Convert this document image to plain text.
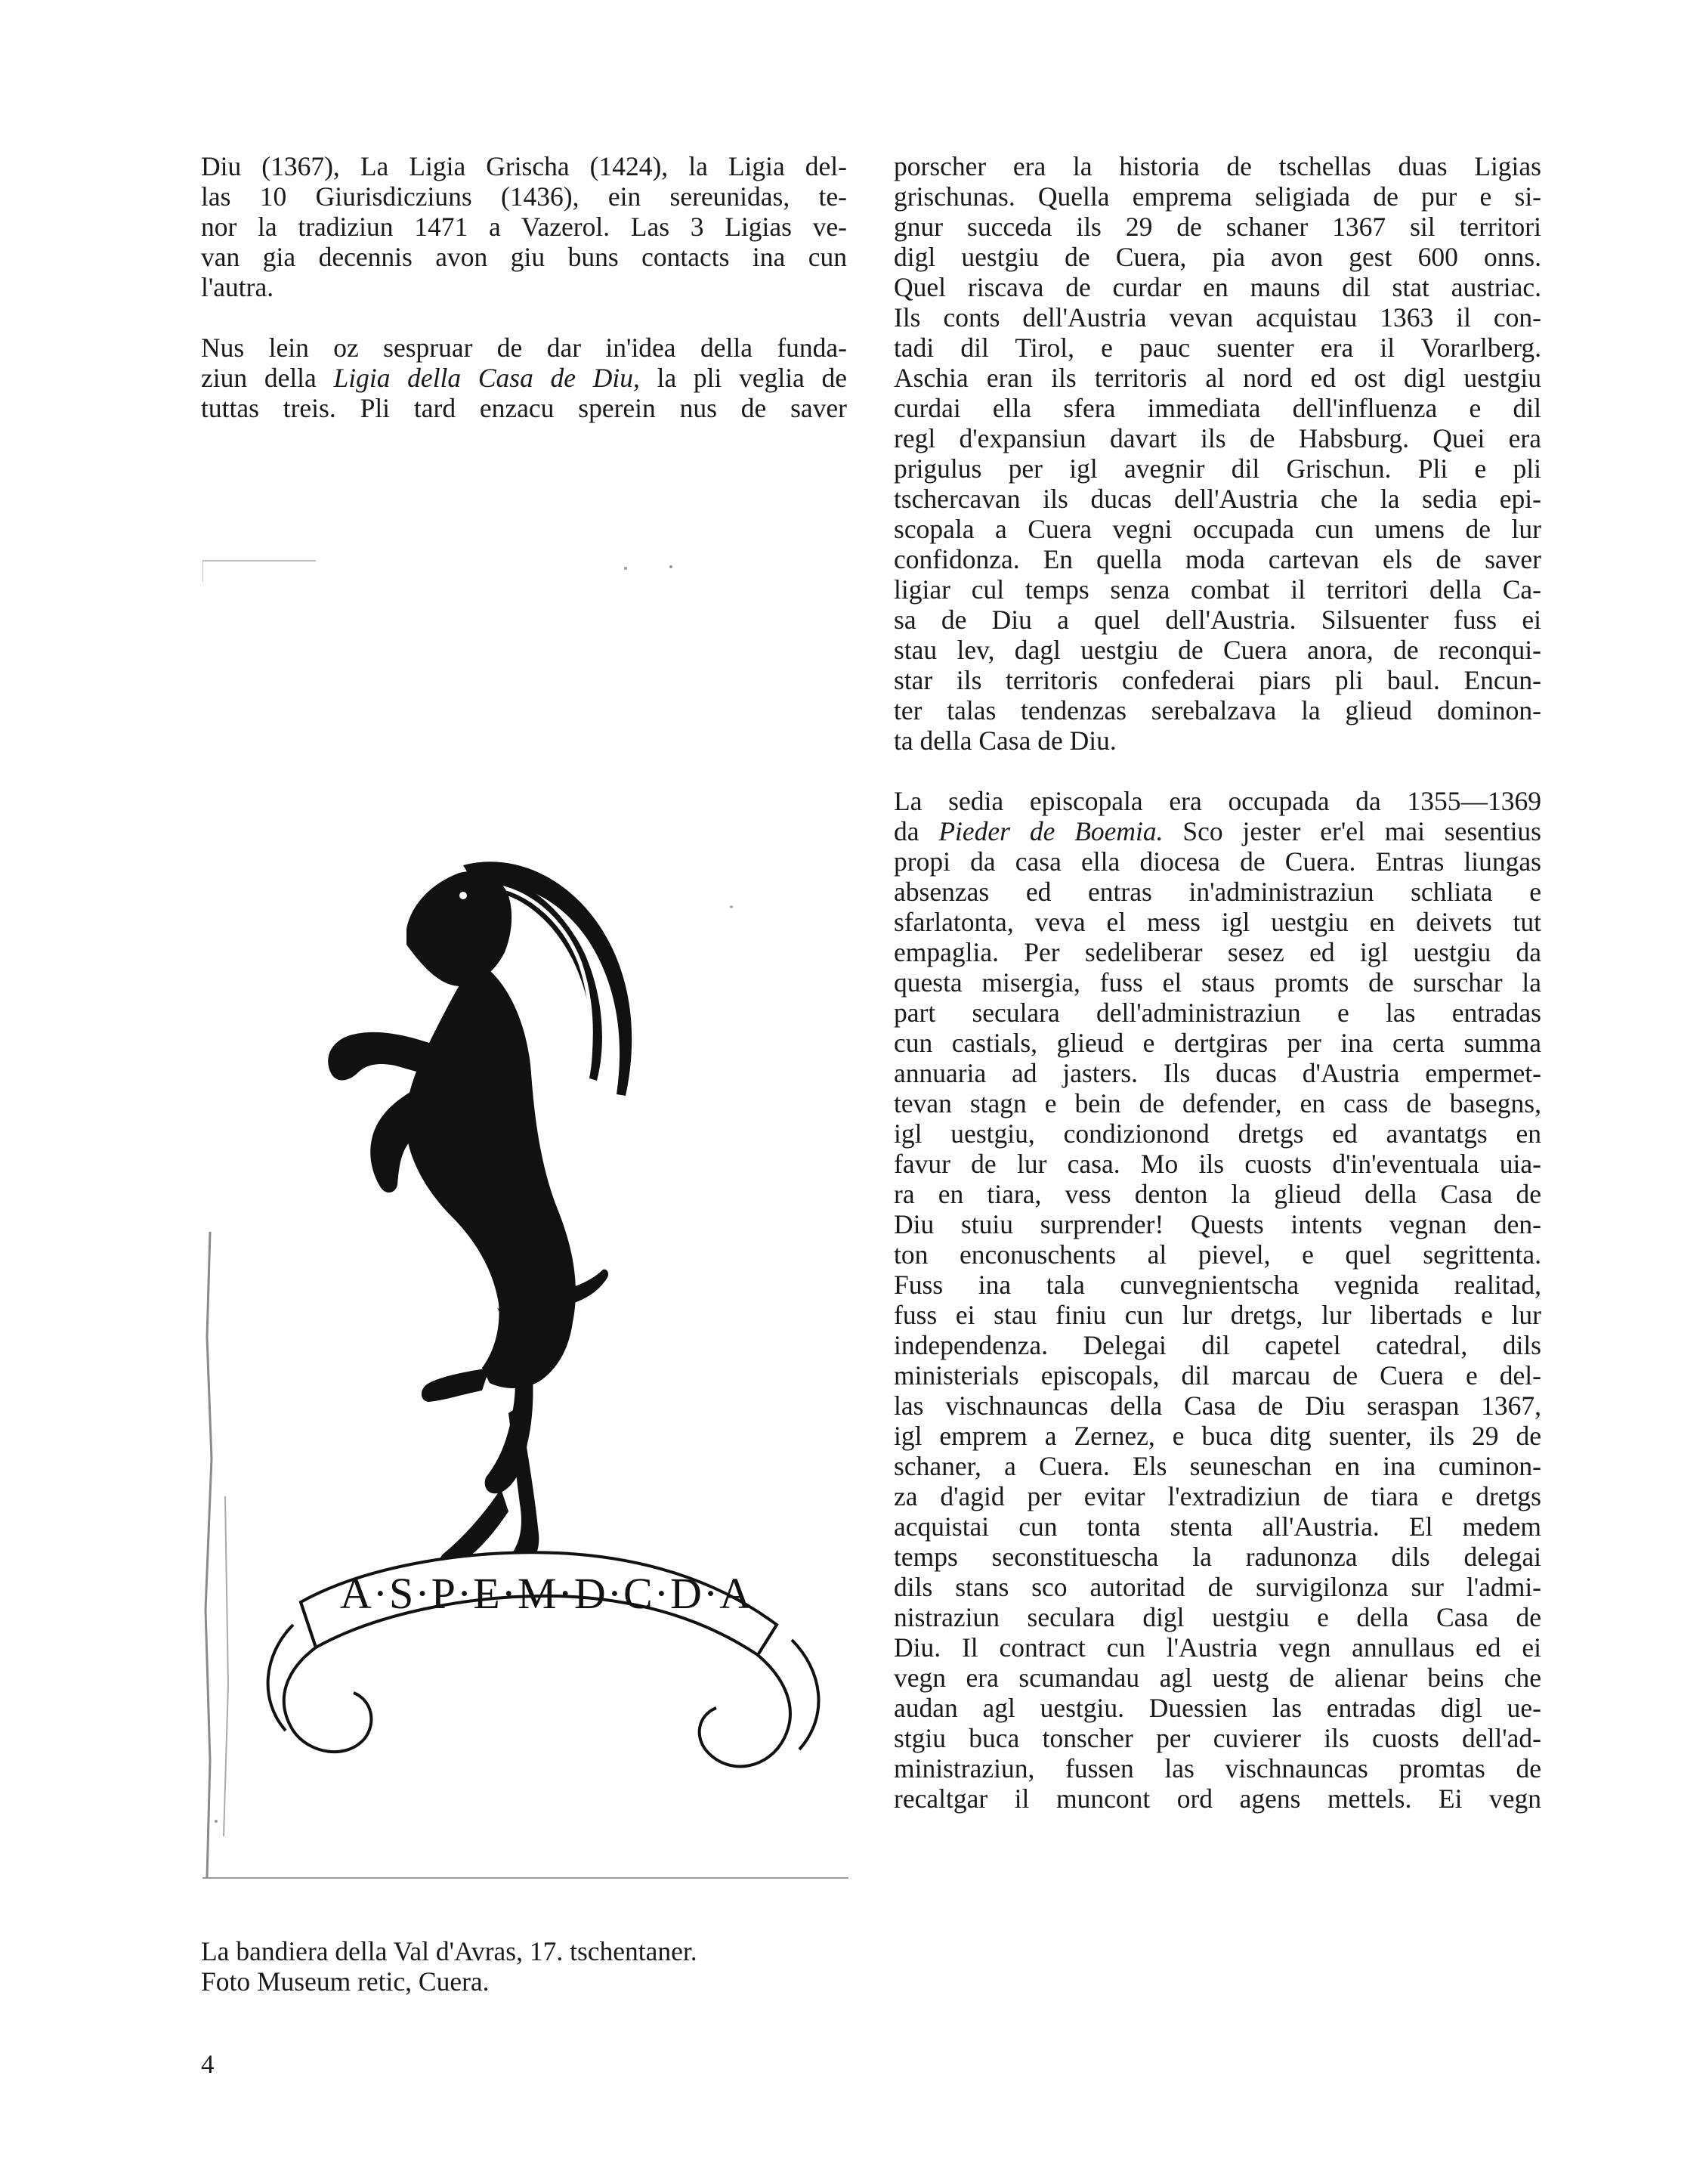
Diu (1367), La Ligia Grischa (1424), la Ligia del-
las 10 Giurisdicziuns (1436), ein sereunidas, te-
nor la tradiziun 1471 a Vazerol. Las 3 Ligias ve-
van gia decennis avon giu buns contacts ina cun
l'autra.

Nus lein oz sespruar de dar in'idea della funda-
ziun della Ligia della Casa de Diu, la pli veglia de
tuttas treis. Pli tard enzacu sperein nus de saver

A·S·P·E·M·D·C·D·A
La bandiera della Val d'Avras, 17. tschentaner.
Foto Museum retic, Cuera.

porscher era la historia de tschellas duas Ligias
grischunas. Quella emprema seligiada de pur e si-
gnur succeda ils 29 de schaner 1367 sil territori
digl uestgiu de Cuera, pia avon gest 600 onns.
Quel riscava de curdar en mauns dil stat austriac.
Ils conts dell'Austria vevan acquistau 1363 il con-
tadi dil Tirol, e pauc suenter era il Vorarlberg.
Aschia eran ils territoris al nord ed ost digl uestgiu
curdai ella sfera immediata dell'influenza e dil
regl d'expansiun davart ils de Habsburg. Quei era
prigulus per igl avegnir dil Grischun. Pli e pli
tschercavan ils ducas dell'Austria che la sedia epi-
scopala a Cuera vegni occupada cun umens de lur
confidonza. En quella moda cartevan els de saver
ligiar cul temps senza combat il territori della Ca-
sa de Diu a quel dell'Austria. Silsuenter fuss ei
stau lev, dagl uestgiu de Cuera anora, de reconqui-
star ils territoris confederai piars pli baul. Encun-
ter talas tendenzas serebalzava la glieud dominon-
ta della Casa de Diu.

La sedia episcopala era occupada da 1355—1369
da Pieder de Boemia. Sco jester er'el mai sesentius
propi da casa ella diocesa de Cuera. Entras liungas
absenzas ed entras in'administraziun schliata e
sfarlatonta, veva el mess igl uestgiu en deivets tut
empaglia. Per sedeliberar sesez ed igl uestgiu da
questa misergia, fuss el staus promts de surschar la
part seculara dell'administraziun e las entradas
cun castials, glieud e dertgiras per ina certa summa
annuaria ad jasters. Ils ducas d'Austria empermet-
tevan stagn e bein de defender, en cass de basegns,
igl uestgiu, condizionond dretgs ed avantatgs en
favur de lur casa. Mo ils cuosts d'in'eventuala uia-
ra en tiara, vess denton la glieud della Casa de
Diu stuiu surprender! Quests intents vegnan den-
ton enconuschents al pievel, e quel segrittenta.
Fuss ina tala cunvegnientscha vegnida realitad,
fuss ei stau finiu cun lur dretgs, lur libertads e lur
independenza. Delegai dil capetel catedral, dils
ministerials episcopals, dil marcau de Cuera e del-
las vischnauncas della Casa de Diu seraspan 1367,
igl emprem a Zernez, e buca ditg suenter, ils 29 de
schaner, a Cuera. Els seuneschan en ina cuminon-
za d'agid per evitar l'extradiziun de tiara e dretgs
acquistai cun tonta stenta all'Austria. El medem
temps seconstituescha la radunonza dils delegai
dils stans sco autoritad de survigilonza sur l'admi-
nistraziun seculara digl uestgiu e della Casa de
Diu. Il contract cun l'Austria vegn annullaus ed ei
vegn era scumandau agl uestg de alienar beins che
audan agl uestgiu. Duessien las entradas digl ue-
stgiu buca tonscher per cuvierer ils cuosts dell'ad-
ministraziun, fussen las vischnauncas promtas de
recaltgar il muncont ord agens mettels. Ei vegn

4
